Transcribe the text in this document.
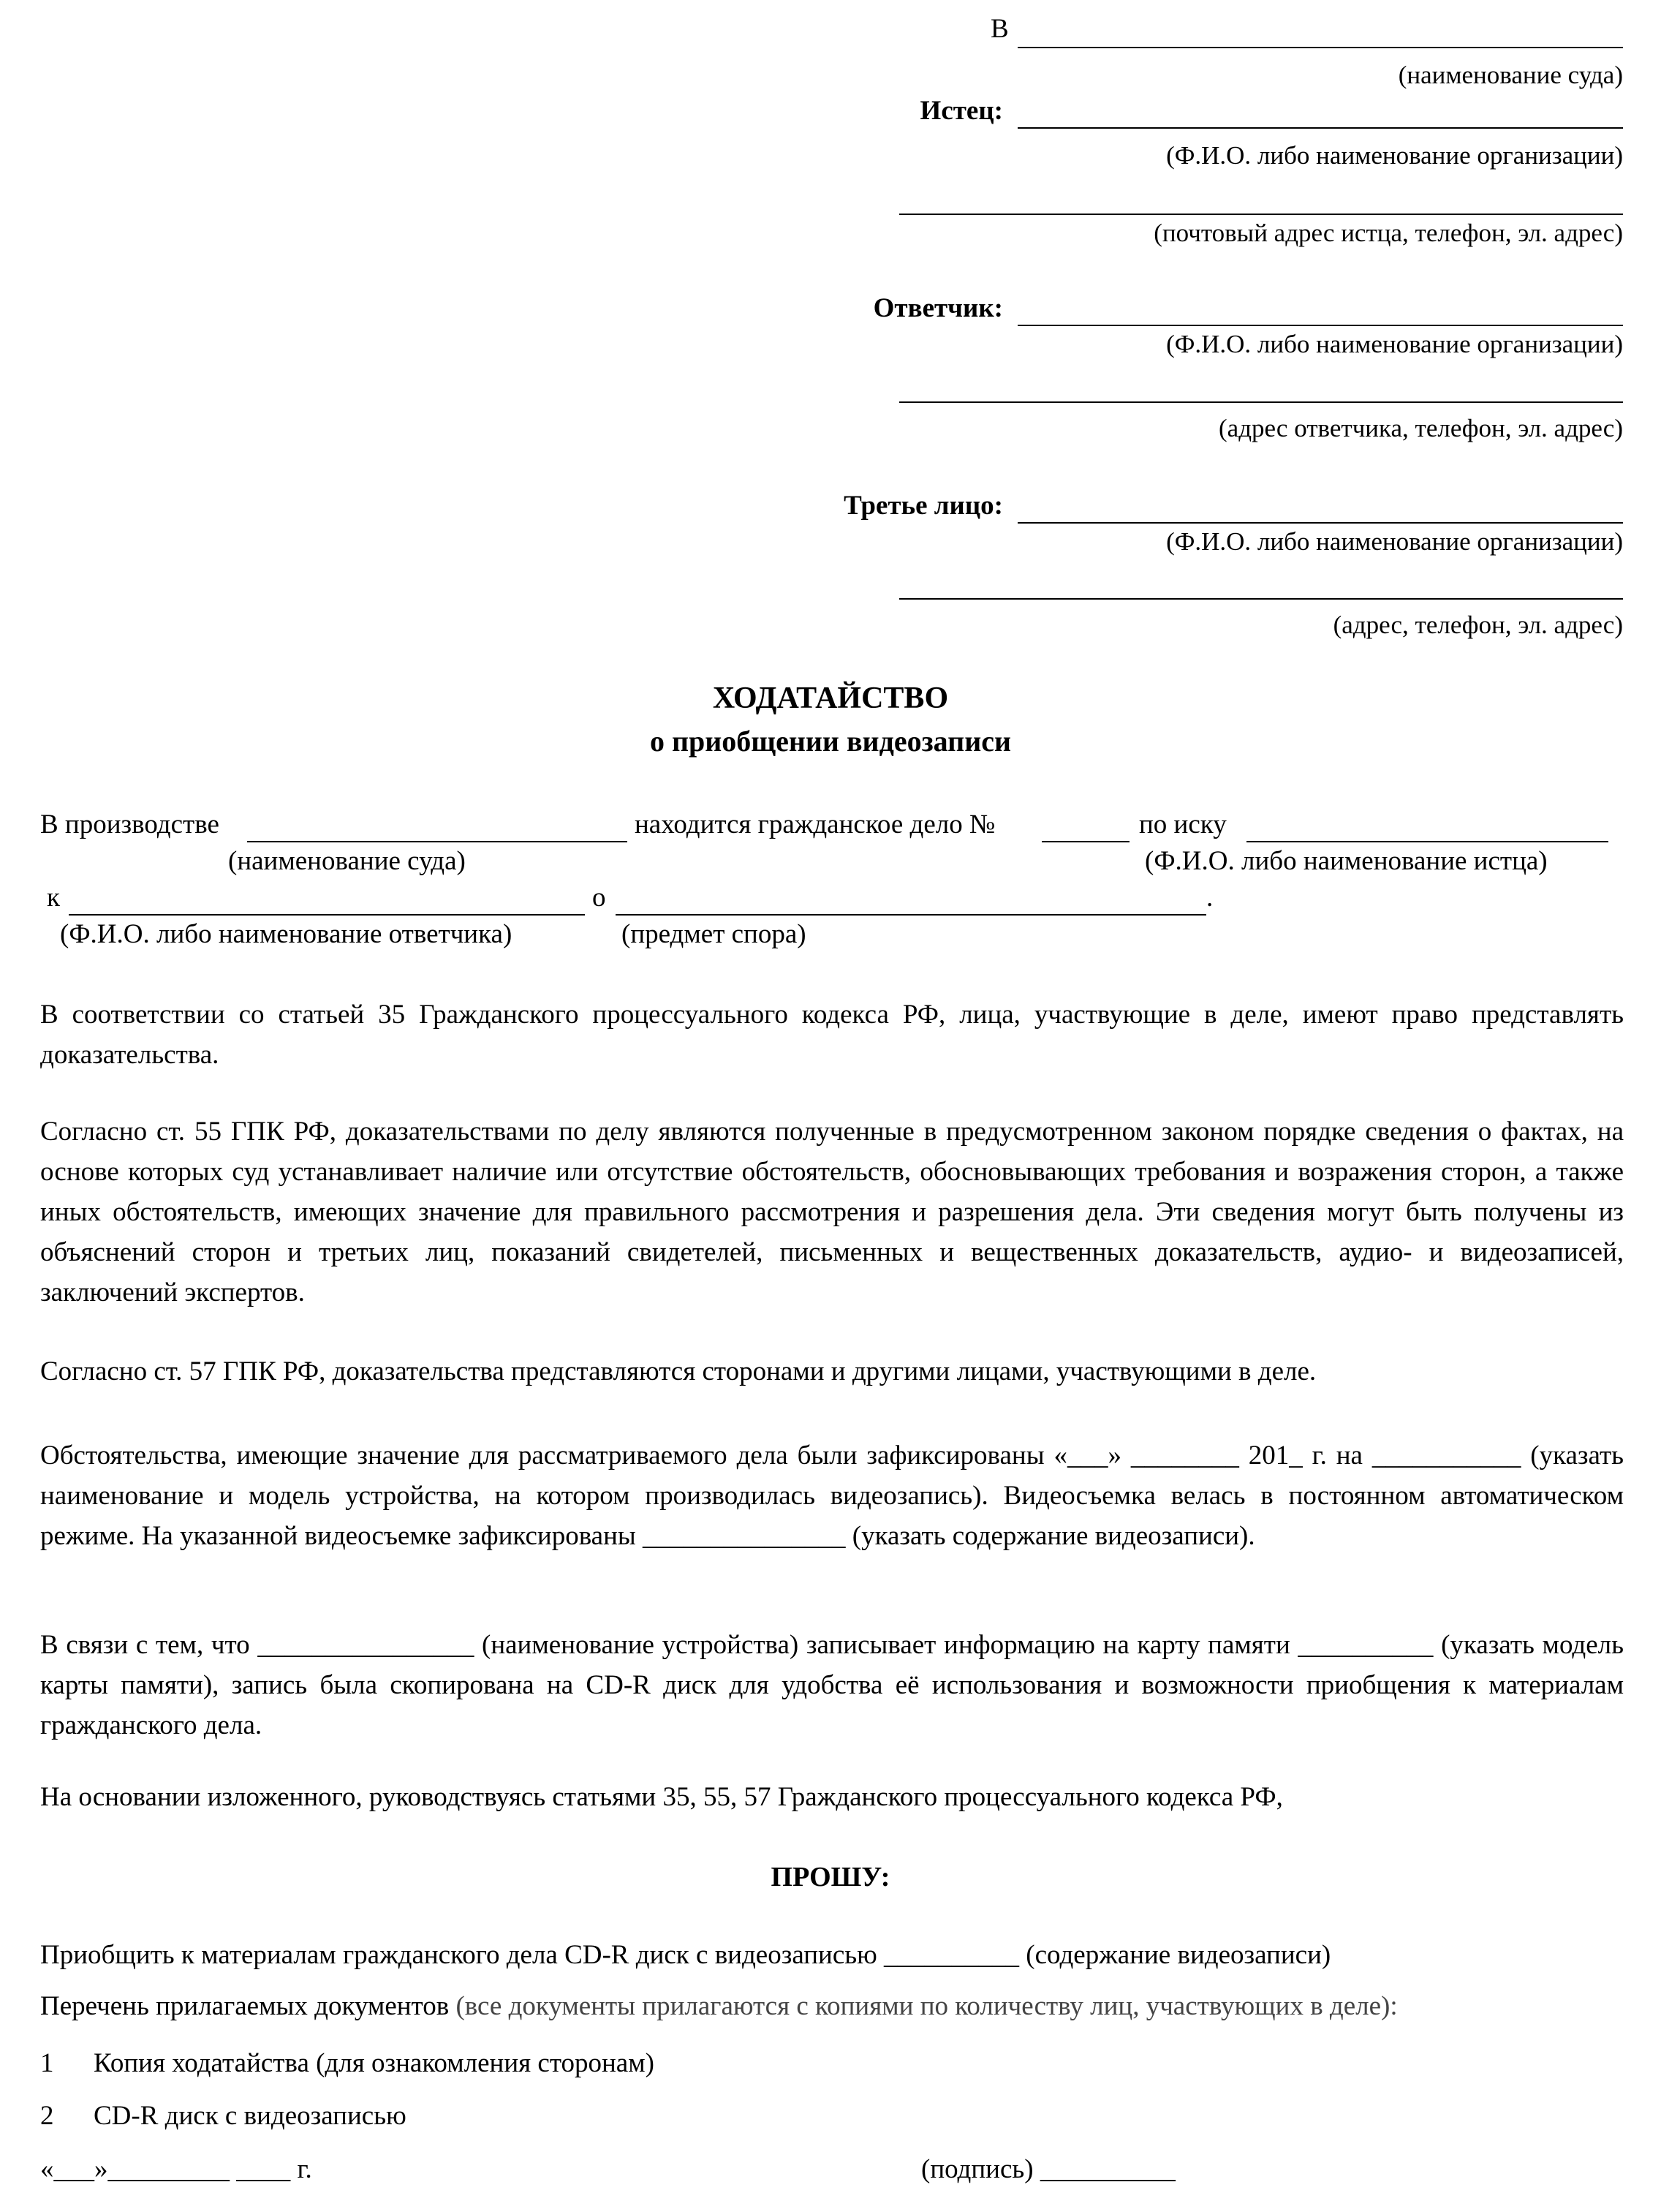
В
(наименование суда)
Истец:
(Ф.И.О. либо наименование организации)
(почтовый адрес истца, телефон, эл. адрес)
Ответчик:
(Ф.И.О. либо наименование организации)
(адрес ответчика, телефон, эл. адрес)
Третье лицо:
(Ф.И.О. либо наименование организации)
(адрес, телефон, эл. адрес)
ХОДАТАЙСТВО
о приобщении видеозаписи
В производстве	находится гражданское дело №	по иску
(наименование суда)	(Ф.И.О. либо наименование истца)
к	о	.
(Ф.И.О. либо наименование ответчика)	(предмет спора)

В соответствии со статьей 35 Гражданского процессуального кодекса РФ, лица, участвующие в деле, имеют право представлять доказательства.

Согласно ст. 55 ГПК РФ, доказательствами по делу являются полученные в предусмотренном законом порядке сведения о фактах, на основе которых суд устанавливает наличие или отсутствие обстоятельств, обосновывающих требования и возражения сторон, а также иных обстоятельств, имеющих значение для правильного рассмотрения и разрешения дела. Эти сведения могут быть получены из объяснений сторон и третьих лиц, показаний свидетелей, письменных и вещественных доказательств, аудио- и видеозаписей, заключений экспертов.

Согласно ст. 57 ГПК РФ, доказательства представляются сторонами и другими лицами, участвующими в деле.

Обстоятельства, имеющие значение для рассматриваемого дела были зафиксированы «___» ________ 201_ г. на ___________ (указать наименование и модель устройства, на котором производилась видеозапись). Видеосъемка велась в постоянном автоматическом режиме. На указанной видеосъемке зафиксированы _______________ (указать содержание видеозаписи).

В связи с тем, что ________________ (наименование устройства) записывает информацию на карту памяти __________ (указать модель карты памяти), запись была скопирована на CD-R диск для удобства её использования и возможности приобщения к материалам гражданского дела.

На основании изложенного, руководствуясь статьями 35, 55, 57 Гражданского процессуального кодекса РФ,

ПРОШУ:
Приобщить к материалам гражданского дела CD-R диск с видеозаписью __________ (содержание видеозаписи)
Перечень прилагаемых документов (все документы прилагаются с копиями по количеству лиц, участвующих в деле):
1 Копия ходатайства (для ознакомления сторонам)
2 CD-R диск с видеозаписью
«___»_________ ____ г.	(подпись) __________
